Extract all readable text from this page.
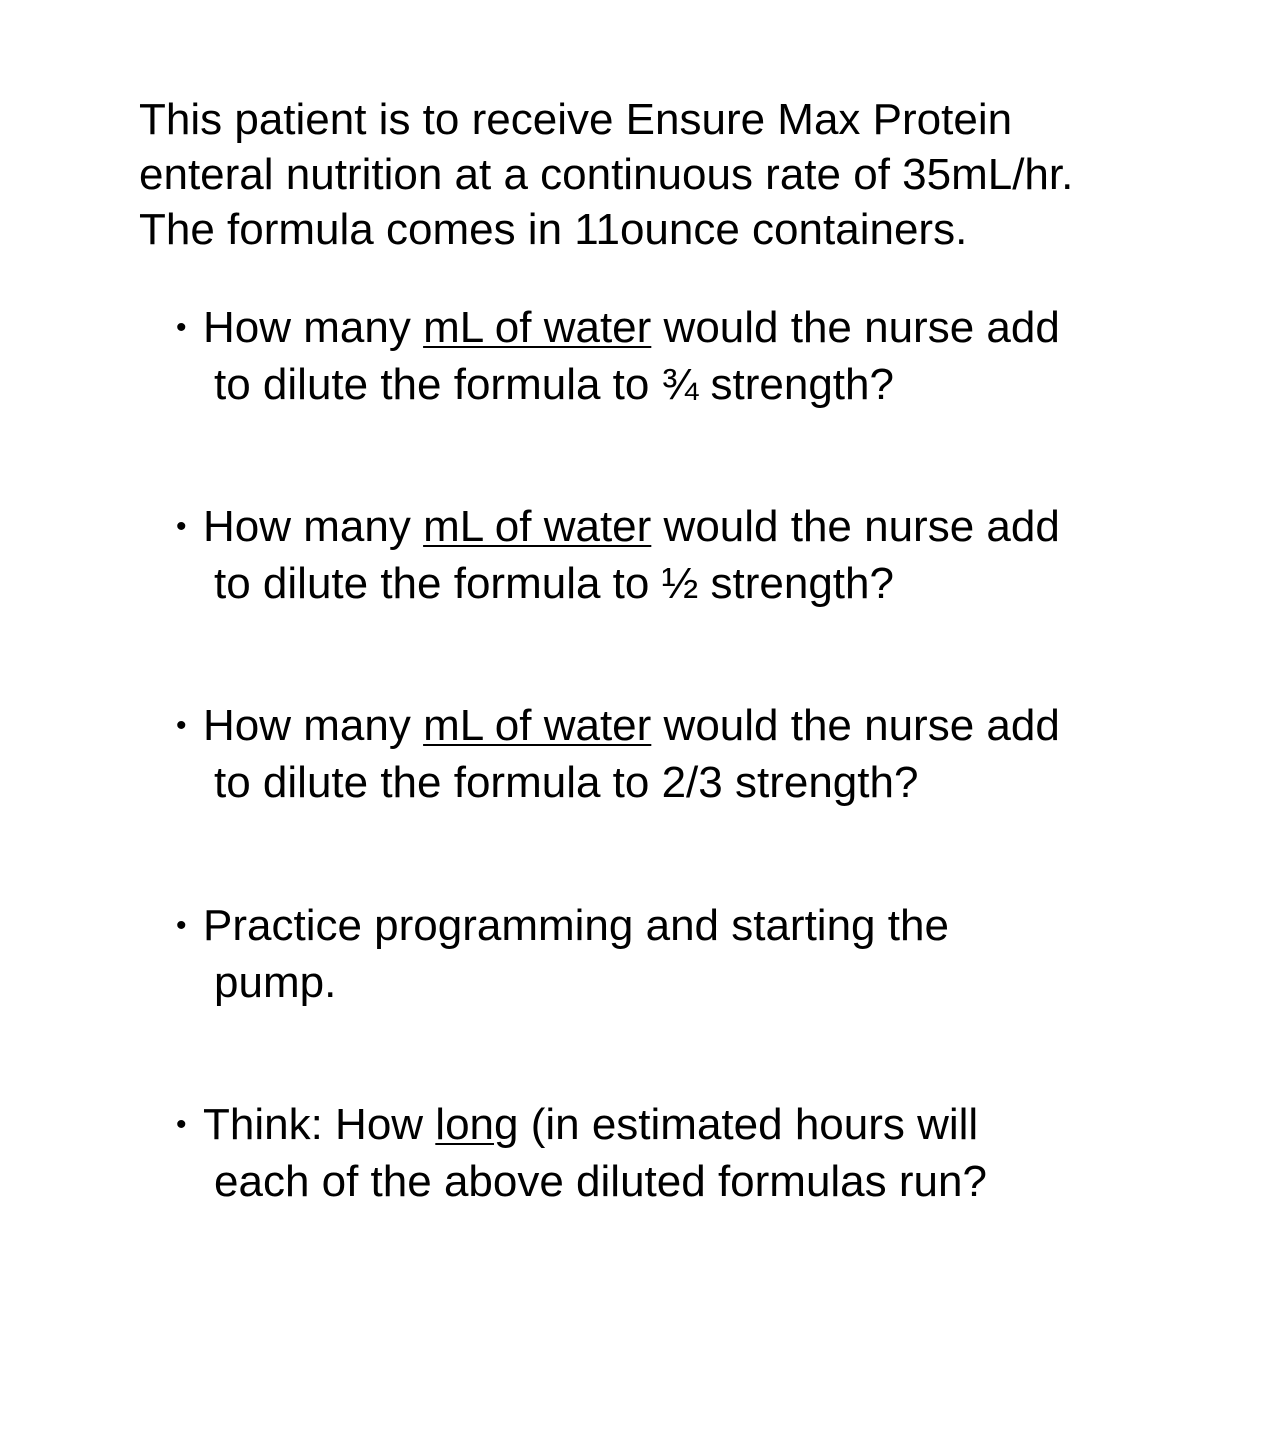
This patient is to receive Ensure Max Protein
enteral nutrition at a continuous rate of 35mL/hr.
The formula comes in 11ounce containers.
• How many mL of water would the nurse add
to dilute the formula to ¾ strength?
• How many mL of water would the nurse add
to dilute the formula to ½ strength?
• How many mL of water would the nurse add
to dilute the formula to 2/3 strength?
• Practice programming and starting the
pump.
• Think: How long (in estimated hours will
each of the above diluted formulas run?
